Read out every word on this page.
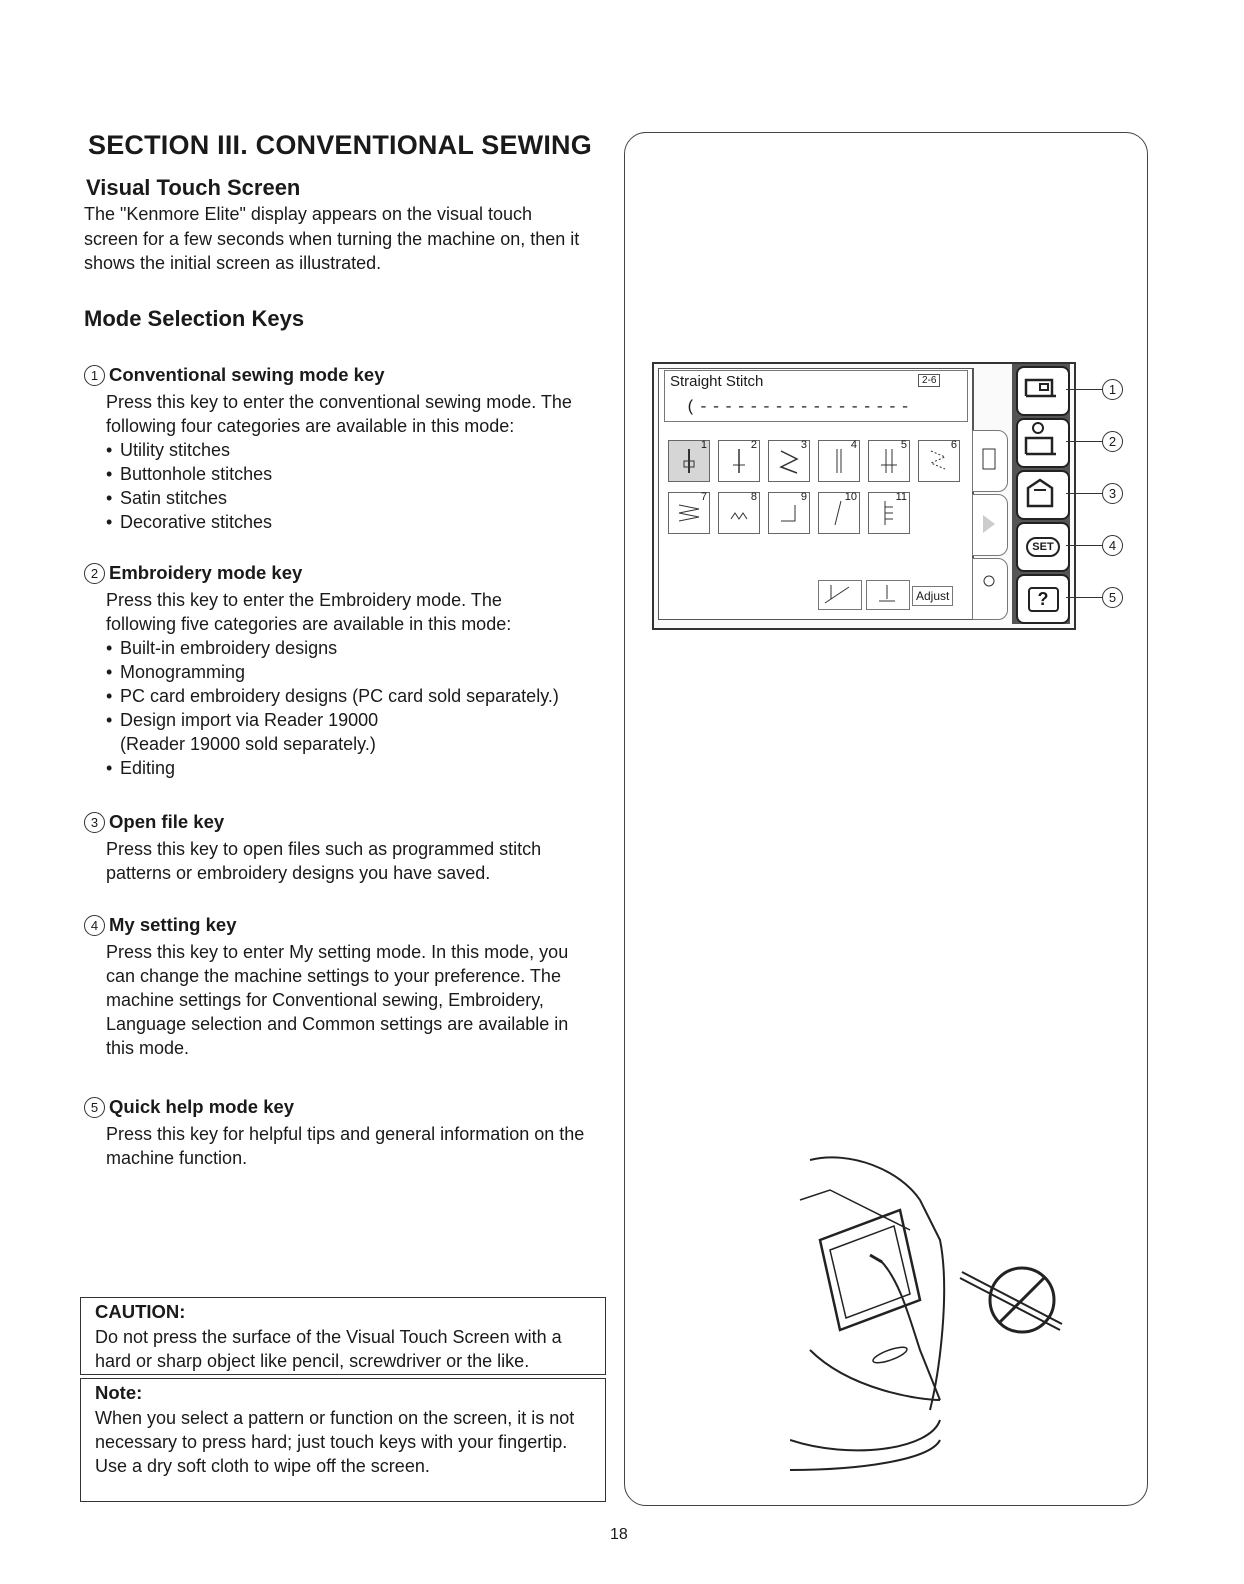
SECTION III. CONVENTIONAL SEWING
Visual Touch Screen
The "Kenmore Elite" display appears on the visual touch screen for a few seconds when turning the machine on, then it shows the initial screen as illustrated.
Mode Selection Keys
1 Conventional sewing mode key
Press this key to enter the conventional sewing mode. The following four categories are available in this mode:
• Utility stitches
• Buttonhole stitches
• Satin stitches
• Decorative stitches
2 Embroidery mode key
Press this key to enter the Embroidery mode. The following five categories are available in this mode:
• Built-in embroidery designs
• Monogramming
• PC card embroidery designs (PC card sold separately.)
• Design import via Reader 19000
(Reader 19000 sold separately.)
• Editing
3 Open file key
Press this key to open files such as programmed stitch patterns or embroidery designs you have saved.
4 My setting key
Press this key to enter My setting mode. In this mode, you can change the machine settings to your preference. The machine settings for Conventional sewing, Embroidery, Language selection and Common settings are available in this mode.
5 Quick help mode key
Press this key for helpful tips and general information on the machine function.
CAUTION:
Do not press the surface of the Visual Touch Screen with a hard or sharp object like pencil, screwdriver or the like.
Note:
When you select a pattern or function on the screen, it is not necessary to press hard; just touch keys with your fingertip.
Use a dry soft cloth to wipe off the screen.
Straight Stitch	2-6
(-----------------
1	2	3	4	5	6
7	8	9	10	11
Adjust
SET
?
1
2
3
4
5
18
